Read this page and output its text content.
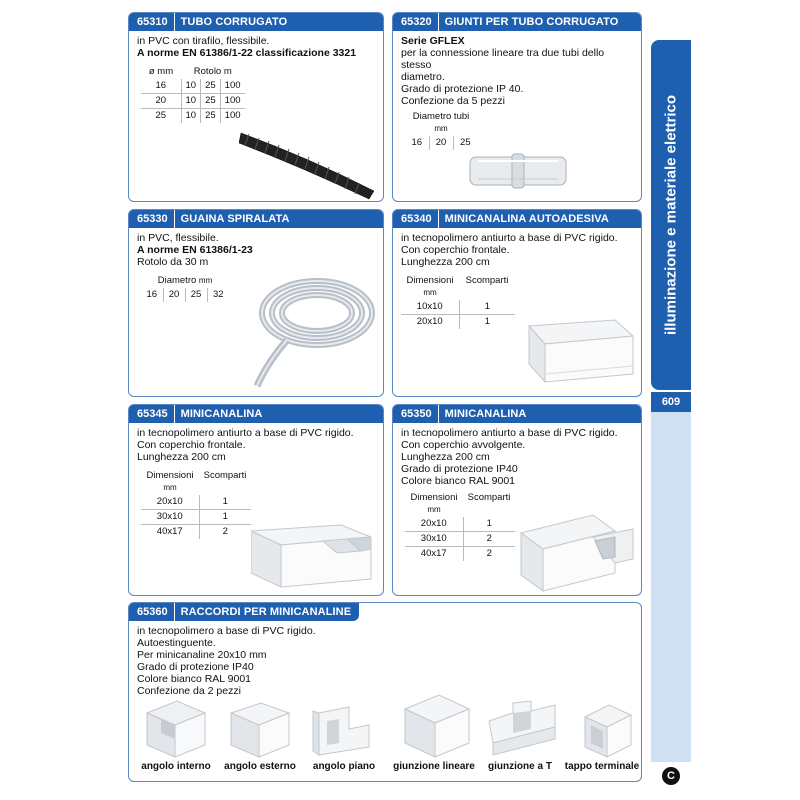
illuminazione e materiale elettrico
609
C
65310	TUBO CORRUGATO
in PVC con tirafilo, flessibile.
A norme EN 61386/1-22 classificazione 3321
ø mm	Rotolo m		
16	10	25	100
20	10	25	100
25	10	25	100
65320	GIUNTI PER TUBO CORRUGATO
Serie GFLEX
per la connessione lineare tra due tubi dello stesso
diametro.
Grado di protezione IP 40.
Confezione da 5 pezzi
Diametro tubi mm
16	20	25
65330	GUAINA SPIRALATA
in PVC, flessibile.
A norme EN 61386/1-23
Rotolo da 30 m
Diametro mm
16	20	25	32
65340	MINICANALINA AUTOADESIVA
in tecnopolimero antiurto a base di PVC rigido.
Con coperchio frontale.
Lunghezza 200 cm
Dimensioni
mm	Scomparti
10x10	1
20x10	1
65345	MINICANALINA
in tecnopolimero antiurto a base di PVC rigido.
Con coperchio frontale.
Lunghezza 200 cm
Dimensioni
mm	Scomparti
20x10	1
30x10	1
40x17	2
65350	MINICANALINA
in tecnopolimero antiurto a base di PVC rigido.
Con coperchio avvolgente.
Lunghezza 200 cm
Grado di protezione IP40
Colore bianco RAL 9001
Dimensioni
mm	Scomparti
20x10	1
30x10	2
40x17	2
65360	RACCORDI PER MINICANALINE
in tecnopolimero a base di PVC rigido.
Autoestinguente.
Per minicanaline 20x10 mm
Grado di protezione IP40
Colore bianco RAL 9001
Confezione da 2 pezzi
angolo interno	angolo esterno	angolo piano	giunzione lineare	giunzione a T	tappo terminale
